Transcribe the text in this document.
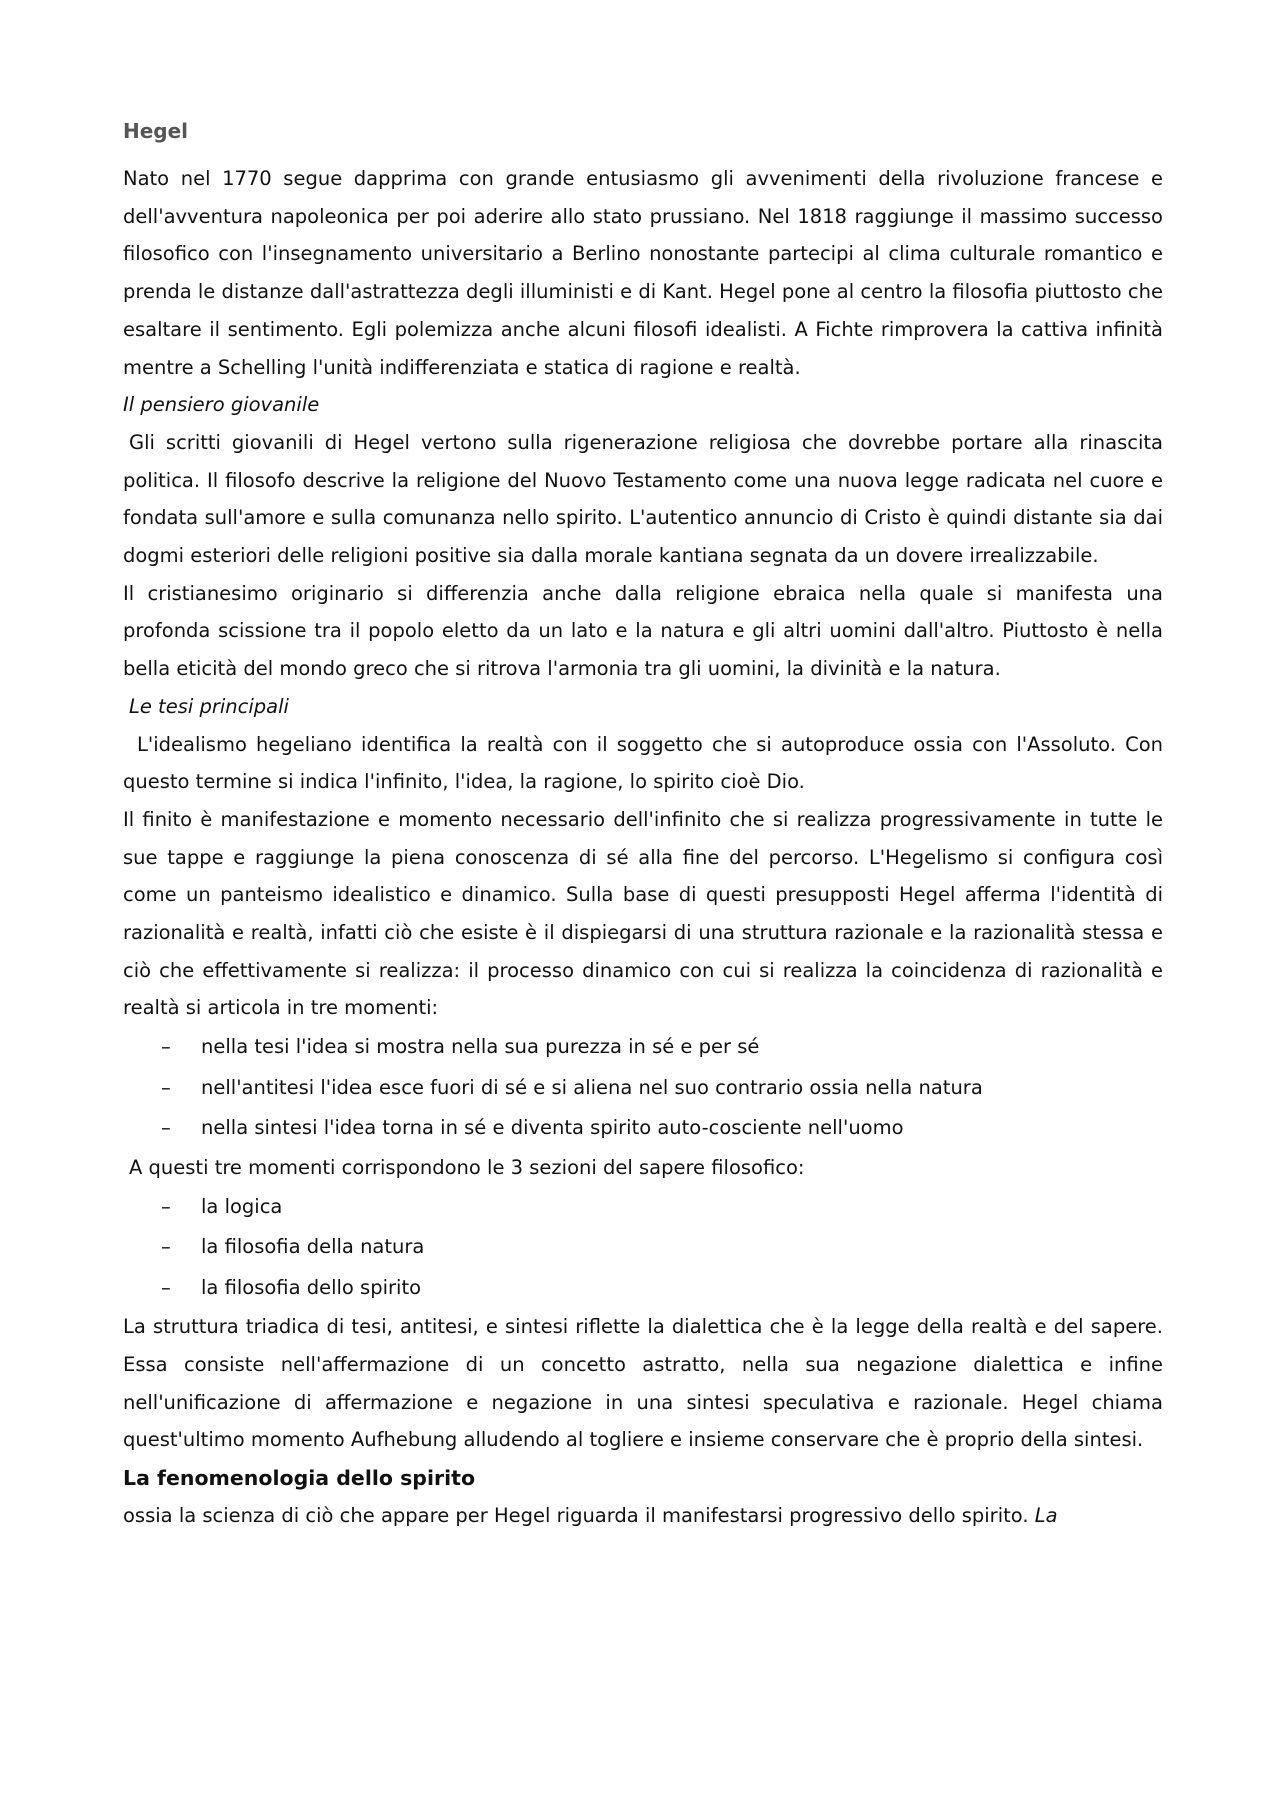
Hegel

Nato nel 1770 segue dapprima con grande entusiasmo gli avvenimenti della rivoluzione francese e dell'avventura napoleonica per poi aderire allo stato prussiano. Nel 1818 raggiunge il massimo successo filosofico con l'insegnamento universitario a Berlino nonostante partecipi al clima culturale romantico e prenda le distanze dall'astrattezza degli illuministi e di Kant. Hegel pone al centro la filosofia piuttosto che esaltare il sentimento. Egli polemizza anche alcuni filosofi idealisti. A Fichte rimprovera la cattiva infinità mentre a Schelling l'unità indifferenziata e statica di ragione e realtà.

Il pensiero giovanile

Gli scritti giovanili di Hegel vertono sulla rigenerazione religiosa che dovrebbe portare alla rinascita politica. Il filosofo descrive la religione del Nuovo Testamento come una nuova legge radicata nel cuore e fondata sull'amore e sulla comunanza nello spirito. L'autentico annuncio di Cristo è quindi distante sia dai dogmi esteriori delle religioni positive sia dalla morale kantiana segnata da un dovere irrealizzabile.

Il cristianesimo originario si differenzia anche dalla religione ebraica nella quale si manifesta una profonda scissione tra il popolo eletto da un lato e la natura e gli altri uomini dall'altro. Piuttosto è nella bella eticità del mondo greco che si ritrova l'armonia tra gli uomini, la divinità e la natura.

Le tesi principali

L'idealismo hegeliano identifica la realtà con il soggetto che si autoproduce ossia con l'Assoluto. Con questo termine si indica l'infinito, l'idea, la ragione, lo spirito cioè Dio.

Il finito è manifestazione e momento necessario dell'infinito che si realizza progressivamente in tutte le sue tappe e raggiunge la piena conoscenza di sé alla fine del percorso. L'Hegelismo si configura così come un panteismo idealistico e dinamico. Sulla base di questi presupposti Hegel afferma l'identità di razionalità e realtà, infatti ciò che esiste è il dispiegarsi di una struttura razionale e la razionalità stessa e ciò che effettivamente si realizza: il processo dinamico con cui si realizza la coincidenza di razionalità e realtà si articola in tre momenti:

– nella tesi l'idea si mostra nella sua purezza in sé e per sé
– nell'antitesi l'idea esce fuori di sé e si aliena nel suo contrario ossia nella natura
– nella sintesi l'idea torna in sé e diventa spirito auto-cosciente nell'uomo

A questi tre momenti corrispondono le 3 sezioni del sapere filosofico:

– la logica
– la filosofia della natura
– la filosofia dello spirito

La struttura triadica di tesi, antitesi, e sintesi riflette la dialettica che è la legge della realtà e del sapere. Essa consiste nell'affermazione di un concetto astratto, nella sua negazione dialettica e infine nell'unificazione di affermazione e negazione in una sintesi speculativa e razionale. Hegel chiama quest'ultimo momento Aufhebung alludendo al togliere e insieme conservare che è proprio della sintesi.

La fenomenologia dello spirito

ossia la scienza di ciò che appare per Hegel riguarda il manifestarsi progressivo dello spirito. La
